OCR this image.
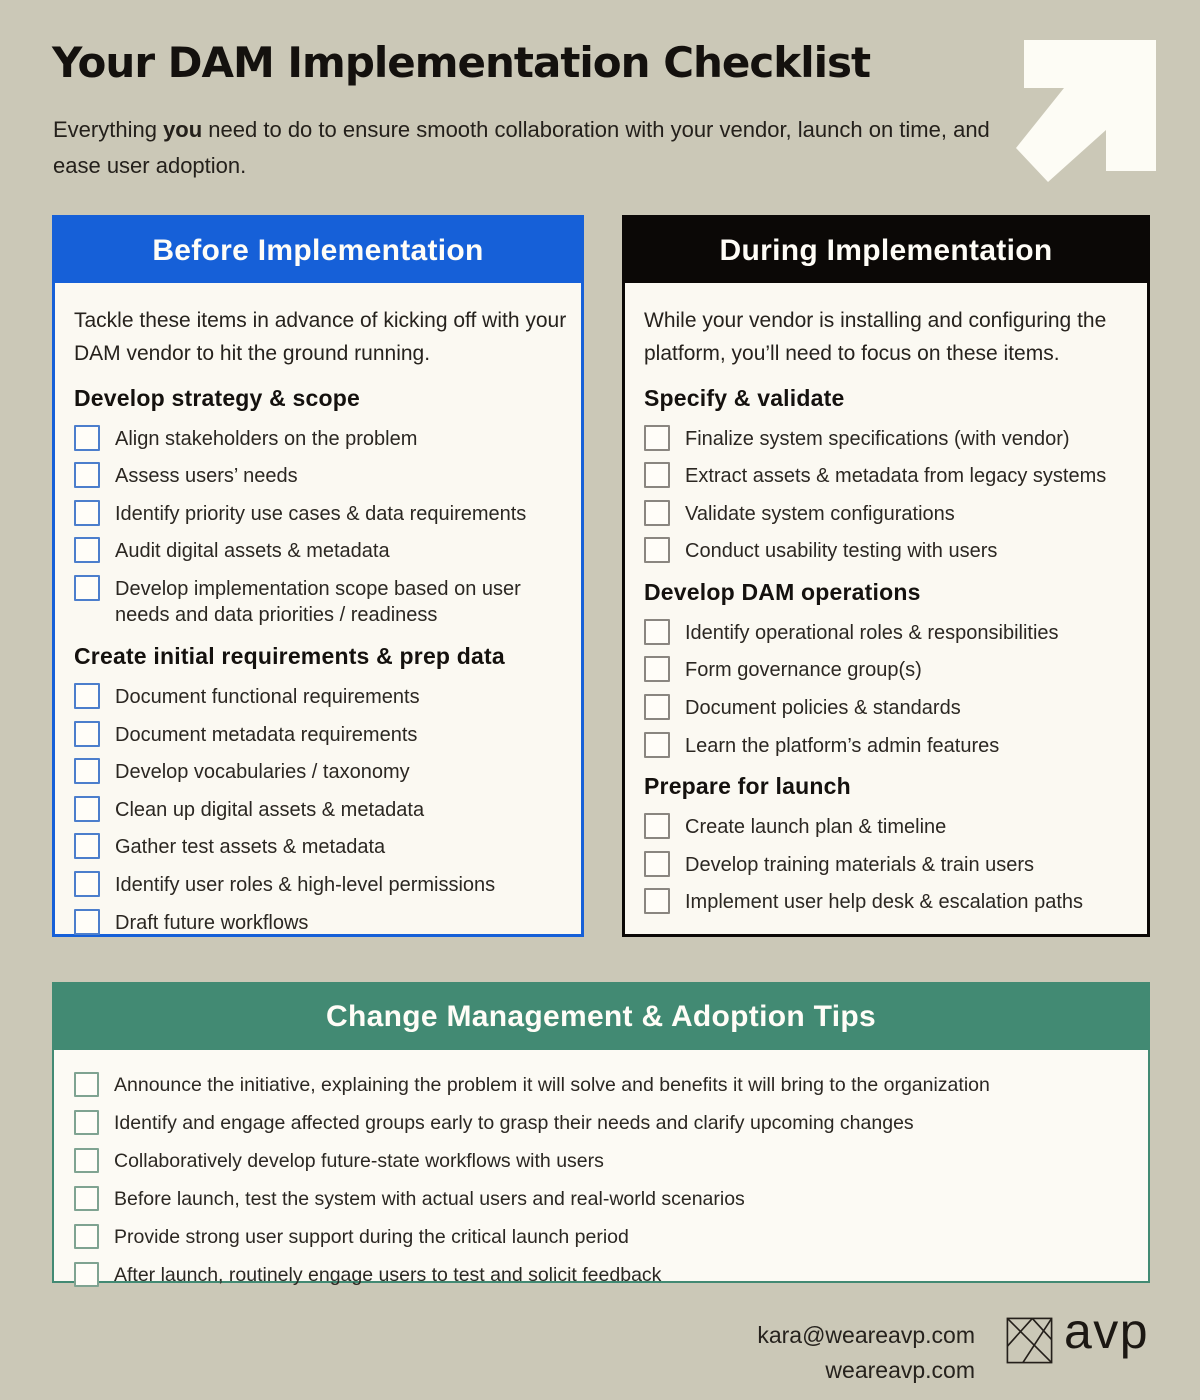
Your DAM Implementation Checklist
Everything you need to do to ensure smooth collaboration with your vendor, launch on time, and ease user adoption.
Before Implementation

Tackle these items in advance of kicking off with your DAM vendor to hit the ground running.

Develop strategy & scope
Align stakeholders on the problem
Assess users’ needs
Identify priority use cases & data requirements
Audit digital assets & metadata
Develop implementation scope based on user needs and data priorities / readiness
Create initial requirements & prep data
Document functional requirements
Document metadata requirements
Develop vocabularies / taxonomy
Clean up digital assets & metadata
Gather test assets & metadata
Identify user roles & high-level permissions
Draft future workflows
During Implementation

While your vendor is installing and configuring the platform, you’ll need to focus on these items.

Specify & validate
Finalize system specifications (with vendor)
Extract assets & metadata from legacy systems
Validate system configurations
Conduct usability testing with users
Develop DAM operations
Identify operational roles & responsibilities
Form governance group(s)
Document policies & standards
Learn the platform’s admin features
Prepare for launch
Create launch plan & timeline
Develop training materials & train users
Implement user help desk & escalation paths
Change Management & Adoption Tips
Announce the initiative, explaining the problem it will solve and benefits it will bring to the organization
Identify and engage affected groups early to grasp their needs and clarify upcoming changes
Collaboratively develop future-state workflows with users
Before launch, test the system with actual users and real-world scenarios
Provide strong user support during the critical launch period
After launch, routinely engage users to test and solicit feedback
kara@weareavp.com
weareavp.com
avp
